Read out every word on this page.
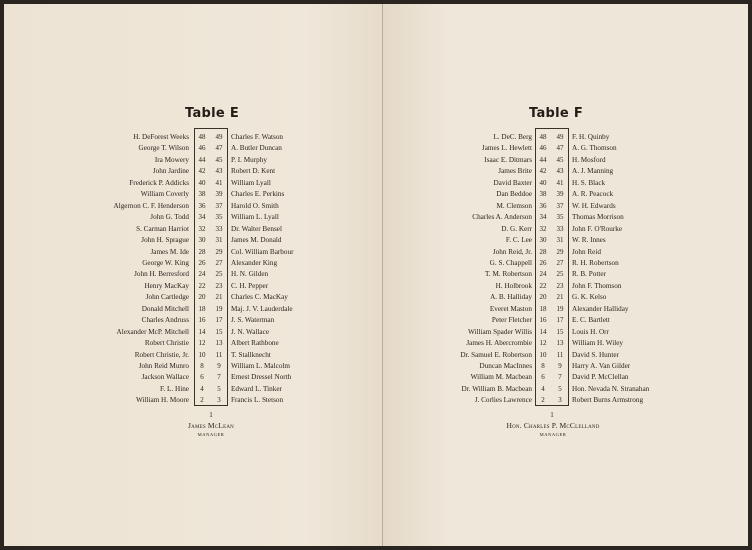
Table E
H. DeForest Weeks	48	49	Charles F. Watson
George T. Wilson	46	47	A. Butler Duncan
Ira Mowery	44	45	P. I. Murphy
John Jardine	42	43	Robert D. Kent
Frederick P. Addicks	40	41	William Lyall
William Coverly	38	39	Charles E. Perkins
Algernon C. F. Henderson	36	37	Harold O. Smith
John G. Todd	34	35	William L. Lyall
S. Carman Harriot	32	33	Dr. Walter Bensel
John H. Sprague	30	31	James M. Donald
James M. Ide	28	29	Col. William Barbour
George W. King	26	27	Alexander King
John H. Berresford	24	25	H. N. Gilden
Henry MacKay	22	23	C. H. Pepper
John Cartledge	20	21	Charles C. MacKay
Donald Mitchell	18	19	Maj. J. V. Lauderdale
Charles Andruss	16	17	J. S. Waterman
Alexander McP. Mitchell	14	15	J. N. Wallace
Robert Christie	12	13	Albert Rathbone
Robert Christie, Jr.	10	11	T. Stallknecht
John Reid Munro	8	9	William L. Malcolm
Jackson Wallace	6	7	Ernest Dressel North
F. L. Hine	4	5	Edward L. Tinker
William H. Moore	2	3	Francis L. Stetson
1
James McLean
MANAGER
Table F
L. DeC. Berg	48	49	F. H. Quinby
James L. Hewlett	46	47	A. G. Thomson
Isaac E. Ditmars	44	45	H. Mosford
James Brite	42	43	A. J. Manning
David Baxter	40	41	H. S. Black
Dan Beddoe	38	39	A. R. Peacock
M. Clemson	36	37	W. H. Edwards
Charles A. Anderson	34	35	Thomas Morrison
D. G. Kerr	32	33	John F. O'Rourke
F. C. Lee	30	31	W. R. Innes
John Reid, Jr.	28	29	John Reid
G. S. Chappell	26	27	R. H. Robertson
T. M. Robertson	24	25	R. B. Potter
H. Holbrook	22	23	John F. Thomson
A. B. Halliday	20	21	G. K. Kelso
Everet Maston	18	19	Alexander Halliday
Peter Fletcher	16	17	E. C. Bartlett
William Spader Willis	14	15	Louis H. Orr
James H. Abercrombie	12	13	William H. Wiley
Dr. Samuel E. Robertson	10	11	David S. Hunter
Duncan MacInnes	8	9	Harry A. Van Gilder
William M. Macbean	6	7	David P. McClellan
Dr. William B. Macbean	4	5	Hon. Nevada N. Stranahan
J. Corlies Lawrence	2	3	Robert Burns Armstrong
1
Hon. Charles P. McClelland
MANAGER
